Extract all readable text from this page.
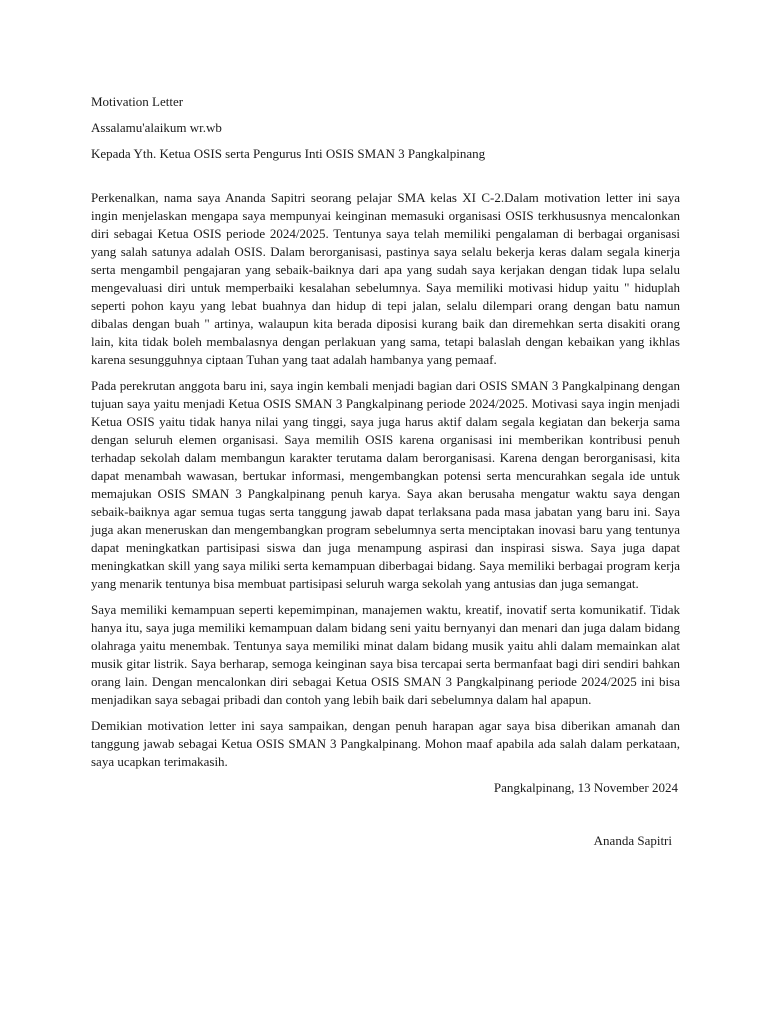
Motivation Letter

Assalamu'alaikum wr.wb

Kepada Yth. Ketua OSIS serta Pengurus Inti OSIS SMAN 3 Pangkalpinang

Perkenalkan, nama saya Ananda Sapitri seorang pelajar SMA kelas XI C-2.Dalam motivation letter ini saya ingin menjelaskan mengapa saya mempunyai keinginan memasuki organisasi OSIS terkhususnya mencalonkan diri sebagai Ketua OSIS periode 2024/2025. Tentunya saya telah memiliki pengalaman di berbagai organisasi yang salah satunya adalah OSIS. Dalam berorganisasi, pastinya saya selalu bekerja keras dalam segala kinerja serta mengambil pengajaran yang sebaik-baiknya dari apa yang sudah saya kerjakan dengan tidak lupa selalu mengevaluasi diri untuk memperbaiki kesalahan sebelumnya. Saya memiliki motivasi hidup yaitu " hiduplah seperti pohon kayu yang lebat buahnya dan hidup di tepi jalan, selalu dilempari orang dengan batu namun dibalas dengan buah " artinya, walaupun kita berada diposisi kurang baik dan diremehkan serta disakiti orang lain, kita tidak boleh membalasnya dengan perlakuan yang sama, tetapi balaslah dengan kebaikan yang ikhlas karena sesungguhnya ciptaan Tuhan yang taat adalah hambanya yang pemaaf.

Pada perekrutan anggota baru ini, saya ingin kembali menjadi bagian dari OSIS SMAN 3 Pangkalpinang dengan tujuan saya yaitu menjadi Ketua OSIS SMAN 3 Pangkalpinang periode 2024/2025. Motivasi saya ingin menjadi Ketua OSIS yaitu tidak hanya nilai yang tinggi, saya juga harus aktif dalam segala kegiatan dan bekerja sama dengan seluruh elemen organisasi. Saya memilih OSIS karena organisasi ini memberikan kontribusi penuh terhadap sekolah dalam membangun karakter terutama dalam berorganisasi. Karena dengan berorganisasi, kita dapat menambah wawasan, bertukar informasi, mengembangkan potensi serta mencurahkan segala ide untuk memajukan OSIS SMAN 3 Pangkalpinang penuh karya. Saya akan berusaha mengatur waktu saya dengan sebaik-baiknya agar semua tugas serta tanggung jawab dapat terlaksana pada masa jabatan yang baru ini. Saya juga akan meneruskan dan mengembangkan program sebelumnya serta menciptakan inovasi baru yang tentunya dapat meningkatkan partisipasi siswa dan juga menampung aspirasi dan inspirasi siswa. Saya juga dapat meningkatkan skill yang saya miliki serta kemampuan diberbagai bidang. Saya memiliki berbagai program kerja yang menarik tentunya bisa membuat partisipasi seluruh warga sekolah yang antusias dan juga semangat.

Saya memiliki kemampuan seperti kepemimpinan, manajemen waktu, kreatif, inovatif serta komunikatif. Tidak hanya itu, saya juga memiliki kemampuan dalam bidang seni yaitu bernyanyi dan menari dan juga dalam bidang olahraga yaitu menembak. Tentunya saya memiliki minat dalam bidang musik yaitu ahli dalam memainkan alat musik gitar listrik. Saya berharap, semoga keinginan saya bisa tercapai serta bermanfaat bagi diri sendiri bahkan orang lain. Dengan mencalonkan diri sebagai Ketua OSIS SMAN 3 Pangkalpinang periode 2024/2025 ini bisa menjadikan saya sebagai pribadi dan contoh yang lebih baik dari sebelumnya dalam hal apapun.

Demikian motivation letter ini saya sampaikan, dengan penuh harapan agar saya bisa diberikan amanah dan tanggung jawab sebagai Ketua OSIS SMAN 3 Pangkalpinang. Mohon maaf apabila ada salah dalam perkataan, saya ucapkan terimakasih.

Pangkalpinang, 13 November 2024

Ananda Sapitri
